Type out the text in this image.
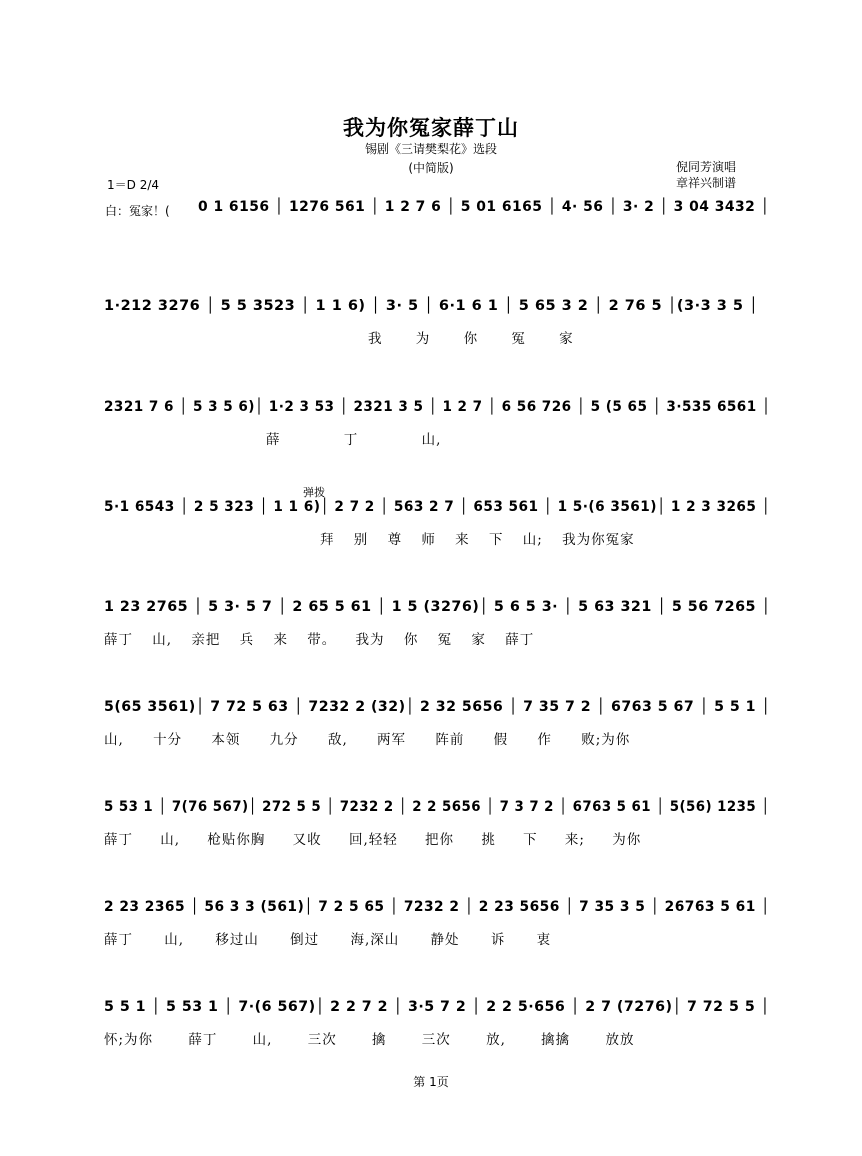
我为你冤家薛丁山
锡剧《三请樊梨花》选段
(中简版)	倪同芳演唱
章祥兴制谱
1＝D 2/4
白：冤家！(
弹拨
0 1 6156 │ 1276 561 │ 1 2 7 6 │ 5 01 6165 │ 4· 56 │ 3· 2 │ 3 04 3432 │
1·212 3276 │ 5 5 3523 │ 1 1 6) │ 3· 5 │ 6·1 6 1 │ 5 65 3 2 │ 2 76 5 │(3·3 3 5 │
我 为 你 冤 家
2321 7 6 │ 5 3 5 6)│ 1·2 3 53 │ 2321 3 5 │ 1 2 7 │ 6 56 726 │ 5 (5 65 │ 3·535 6561 │
薛 丁 山,
5·1 6543 │ 2 5 323 │ 1 1 6)│ 2 7 2 │ 563 2 7 │ 653 561 │ 1 5·(6 3561)│ 1 2 3 3265 │
拜 别 尊 师 来 下 山; 我为你冤家
1 23 2765 │ 5 3· 5 7 │ 2 65 5 61 │ 1 5 (3276)│ 5 6 5 3· │ 5 63 321 │ 5 56 7265 │
薛丁 山, 亲把 兵 来 带。 我为 你 冤 家 薛丁
5(65 3561)│ 7 72 5 63 │ 7232 2 (32)│ 2 32 5656 │ 7 35 7 2 │ 6763 5 67 │ 5 5 1 │
山, 十分 本领 九分 敌, 两军 阵前 假 作 败;为你
5 53 1 │ 7(76 567)│ 272 5 5 │ 7232 2 │ 2 2 5656 │ 7 3 7 2 │ 6763 5 61 │ 5(56) 1235 │
薛丁 山, 枪贴你胸 又收 回,轻轻 把你 挑 下 来; 为你
2 23 2365 │ 56 3 3 (561)│ 7 2 5 65 │ 7232 2 │ 2 23 5656 │ 7 35 3 5 │ 26763 5 61 │
薛丁 山, 移过山 倒过 海,深山 静处 诉 衷
5 5 1 │ 5 53 1 │ 7·(6 567)│ 2 2 7 2 │ 3·5 7 2 │ 2 2 5·656 │ 2 7 (7276)│ 7 72 5 5 │
怀;为你 薛丁 山, 三次 擒 三次 放, 擒擒 放放
第 1页
